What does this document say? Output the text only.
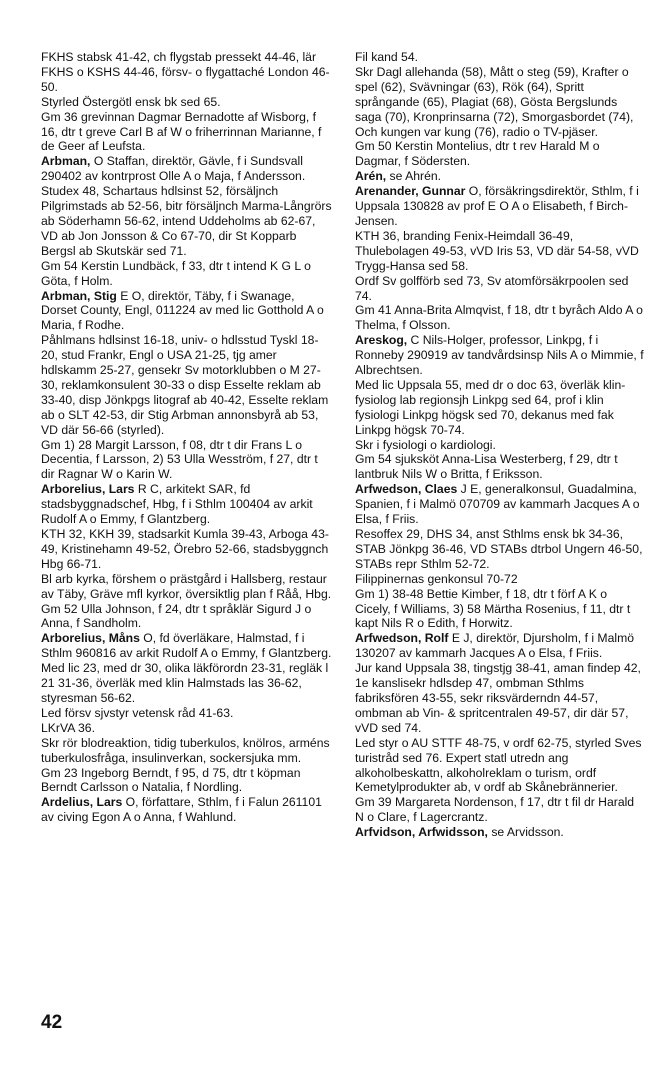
FKHS stabsk 41-42, ch flygstab pressekt 44-46, lär FKHS o KSHS 44-46, försv- o flygattaché London 46-50.

Styrled Östergötl ensk bk sed 65.

Gm 36 grevinnan Dagmar Bernadotte af Wisborg, f 16, dtr t greve Carl B af W o friherrinnan Marianne, f de Geer af Leufsta.

Arbman, O Staffan, direktör, Gävle, f i Sundsvall 290402 av kontrprost Olle A o Maja, f Andersson.

Studex 48, Schartaus hdlsinst 52, försäljnch Pilgrimstads ab 52-56, bitr försäljnch Marma-Långrörs ab Söderhamn 56-62, intend Uddeholms ab 62-67, VD ab Jon Jonsson & Co 67-70, dir St Kopparb Bergsl ab Skutskär sed 71.

Gm 54 Kerstin Lundbäck, f 33, dtr t intend K G L o Göta, f Holm.

Arbman, Stig E O, direktör, Täby, f i Swanage, Dorset County, Engl, 011224 av med lic Gotthold A o Maria, f Rodhe.

Påhlmans hdlsinst 16-18, univ- o hdlsstud Tyskl 18-20, stud Frankr, Engl o USA 21-25, tjg amer hdlskamm 25-27, gensekr Sv motorklubben o M 27-30, reklamkonsulent 30-33 o disp Esselte reklam ab 33-40, disp Jönkpgs litograf ab 40-42, Esselte reklam ab o SLT 42-53, dir Stig Arbman annonsbyrå ab 53, VD där 56-66 (styrled).

Gm 1) 28 Margit Larsson, f 08, dtr t dir Frans L o Decentia, f Larsson, 2) 53 Ulla Wesström, f 27, dtr t dir Ragnar W o Karin W.

Arborelius, Lars R C, arkitekt SAR, fd stadsbyggnadschef, Hbg, f i Sthlm 100404 av arkit Rudolf A o Emmy, f Glantzberg.

KTH 32, KKH 39, stadsarkit Kumla 39-43, Arboga 43-49, Kristinehamn 49-52, Örebro 52-66, stadsbyggnch Hbg 66-71.

Bl arb kyrka, förshem o prästgård i Hallsberg, restaur av Täby, Gräve mfl kyrkor, översiktlig plan f Råå, Hbg.

Gm 52 Ulla Johnson, f 24, dtr t språklär Sigurd J o Anna, f Sandholm.

Arborelius, Måns O, fd överläkare, Halmstad, f i Sthlm 960816 av arkit Rudolf A o Emmy, f Glantzberg.

Med lic 23, med dr 30, olika läkförordn 23-31, regläk l 21 31-36, överläk med klin Halmstads las 36-62, styresman 56-62.

Led försv sjvstyr vetensk råd 41-63.

LKrVA 36.

Skr rör blodreaktion, tidig tuberkulos, knölros, arméns tuberkulosfråga, insulinverkan, sockersjuka mm.

Gm 23 Ingeborg Berndt, f 95, d 75, dtr t köpman Berndt Carlsson o Natalia, f Nordling.

Ardelius, Lars O, författare, Sthlm, f i Falun 261101 av civing Egon A o Anna, f Wahlund.

Fil kand 54.

Skr Dagl allehanda (58), Mått o steg (59), Krafter o spel (62), Svävningar (63), Rök (64), Spritt språngande (65), Plagiat (68), Gösta Bergslunds saga (70), Kronprinsarna (72), Smorgasbordet (74), Och kungen var kung (76), radio o TV-pjäser.

Gm 50 Kerstin Montelius, dtr t rev Harald M o Dagmar, f Södersten.

Arén, se Ahrén.

Arenander, Gunnar O, försäkringsdirektör, Sthlm, f i Uppsala 130828 av prof E O A o Elisabeth, f Birch-Jensen.

KTH 36, branding Fenix-Heimdall 36-49, Thulebolagen 49-53, vVD Iris 53, VD där 54-58, vVD Trygg-Hansa sed 58.

Ordf Sv golfförb sed 73, Sv atomförsäkrpoolen sed 74.

Gm 41 Anna-Brita Almqvist, f 18, dtr t byråch Aldo A o Thelma, f Olsson.

Areskog, C Nils-Holger, professor, Linkpg, f i Ronneby 290919 av tandvårdsinsp Nils A o Mimmie, f Albrechtsen.

Med lic Uppsala 55, med dr o doc 63, överläk klin-fysiolog lab regionsjh Linkpg sed 64, prof i klin fysiologi Linkpg högsk sed 70, dekanus med fak Linkpg högsk 70-74.

Skr i fysiologi o kardiologi.

Gm 54 sjuksköt Anna-Lisa Westerberg, f 29, dtr t lantbruk Nils W o Britta, f Eriksson.

Arfwedson, Claes J E, generalkonsul, Guadalmina, Spanien, f i Malmö 070709 av kammarh Jacques A o Elsa, f Friis.

Resoffex 29, DHS 34, anst Sthlms ensk bk 34-36, STAB Jönkpg 36-46, VD STABs dtrbol Ungern 46-50, STABs repr Sthlm 52-72.

Filippinernas genkonsul 70-72

Gm 1) 38-48 Bettie Kimber, f 18, dtr t förf A K o Cicely, f Williams, 3) 58 Märtha Rosenius, f 11, dtr t kapt Nils R o Edith, f Horwitz.

Arfwedson, Rolf E J, direktör, Djursholm, f i Malmö 130207 av kammarh Jacques A o Elsa, f Friis.

Jur kand Uppsala 38, tingstjg 38-41, aman findep 42, 1e kanslisekr hdlsdep 47, ombman Sthlms fabriksfören 43-55, sekr riksvärderndn 44-57, ombman ab Vin- & spritcentralen 49-57, dir där 57, vVD sed 74.

Led styr o AU STTF 48-75, v ordf 62-75, styrled Sves turistråd sed 76. Expert statl utredn ang alkoholbeskattn, alkoholreklam o turism, ordf Kemetylprodukter ab, v ordf ab Skånebrännerier.

Gm 39 Margareta Nordenson, f 17, dtr t fil dr Harald N o Clare, f Lagercrantz.

Arfvidson, Arfwidsson, se Arvidsson.

42
